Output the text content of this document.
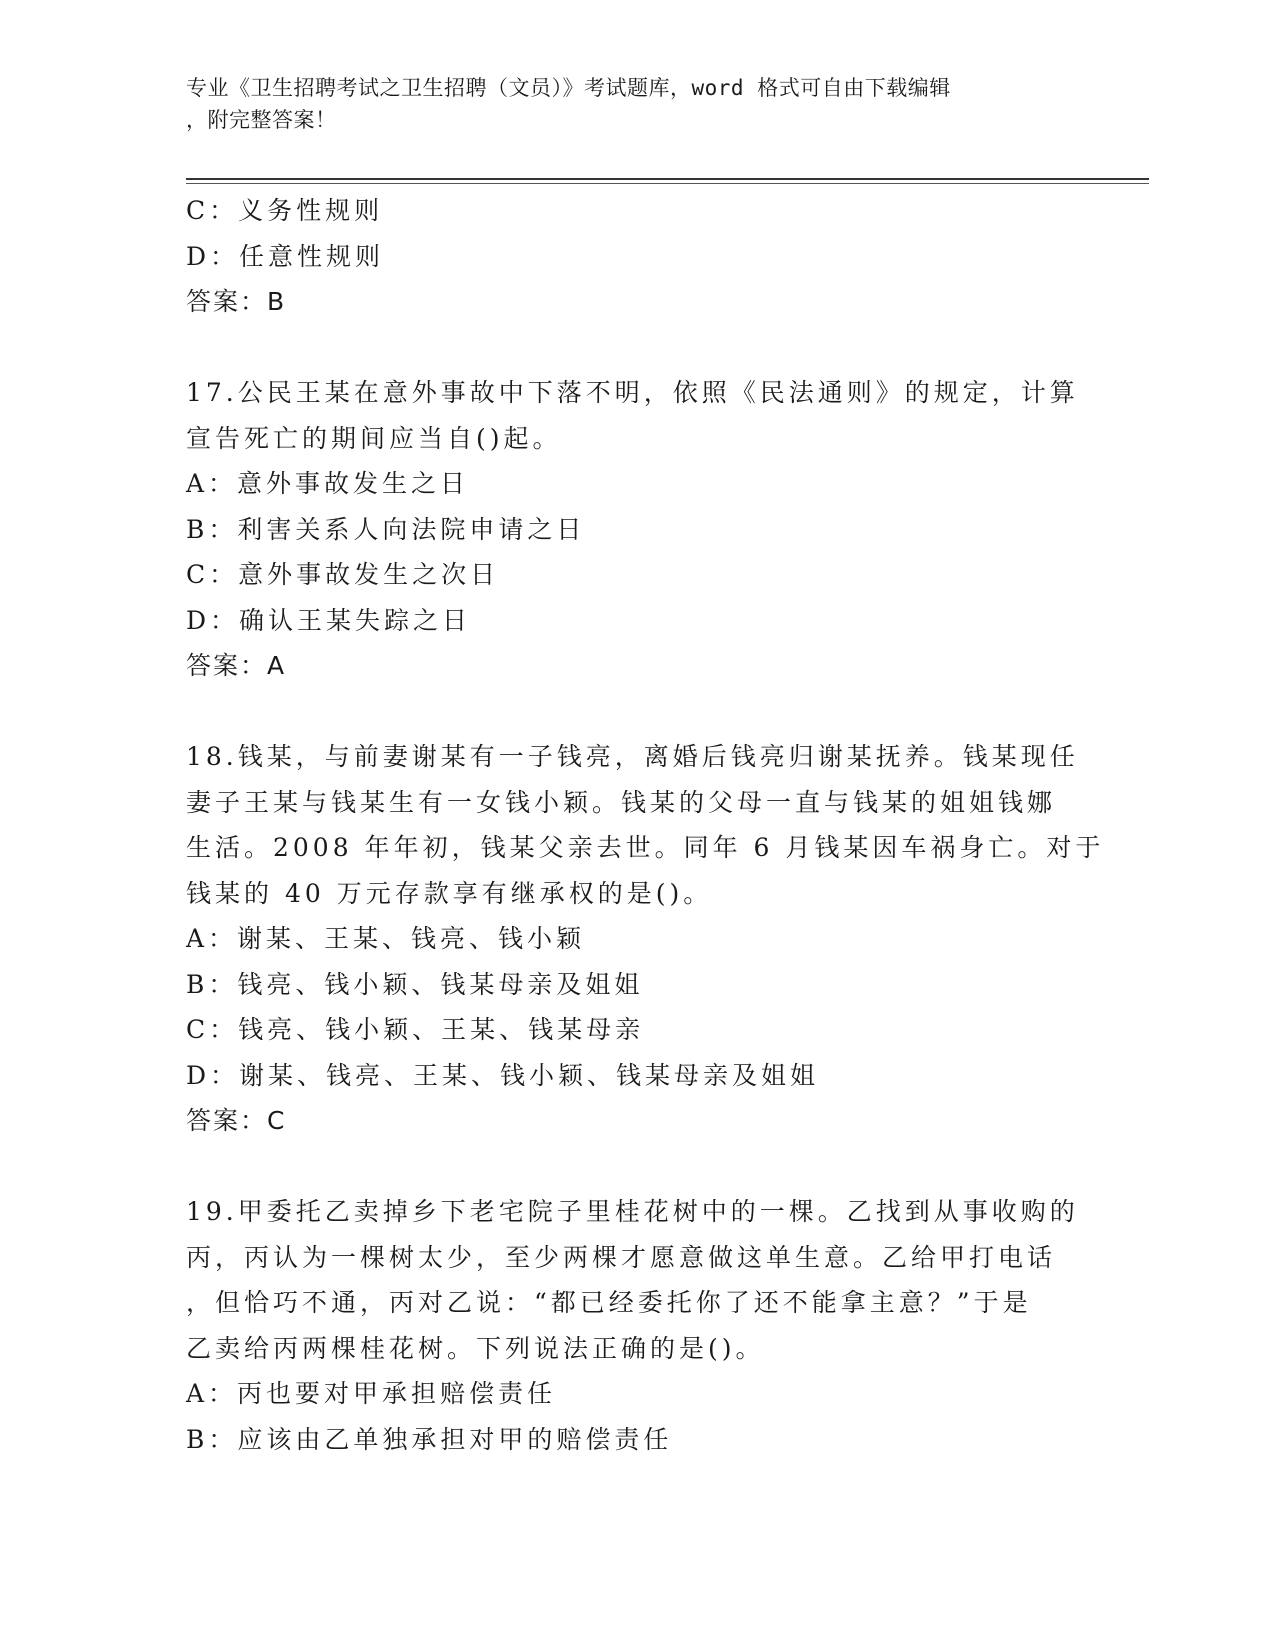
专业《卫生招聘考试之卫生招聘（文员）》考试题库，word 格式可自由下载编辑
，附完整答案！
C：义务性规则
D：任意性规则
答案：B
17.公民王某在意外事故中下落不明，依照《民法通则》的规定，计算
宣告死亡的期间应当自()起。
A：意外事故发生之日
B：利害关系人向法院申请之日
C：意外事故发生之次日
D：确认王某失踪之日
答案：A
18.钱某，与前妻谢某有一子钱亮，离婚后钱亮归谢某抚养。钱某现任
妻子王某与钱某生有一女钱小颖。钱某的父母一直与钱某的姐姐钱娜
生活。2008 年年初，钱某父亲去世。同年 6 月钱某因车祸身亡。对于
钱某的 40 万元存款享有继承权的是()。
A：谢某、王某、钱亮、钱小颖
B：钱亮、钱小颖、钱某母亲及姐姐
C：钱亮、钱小颖、王某、钱某母亲
D：谢某、钱亮、王某、钱小颖、钱某母亲及姐姐
答案：C
19.甲委托乙卖掉乡下老宅院子里桂花树中的一棵。乙找到从事收购的
丙，丙认为一棵树太少，至少两棵才愿意做这单生意。乙给甲打电话
，但恰巧不通，丙对乙说：“都已经委托你了还不能拿主意？”于是
乙卖给丙两棵桂花树。下列说法正确的是()。
A：丙也要对甲承担赔偿责任
B：应该由乙单独承担对甲的赔偿责任
